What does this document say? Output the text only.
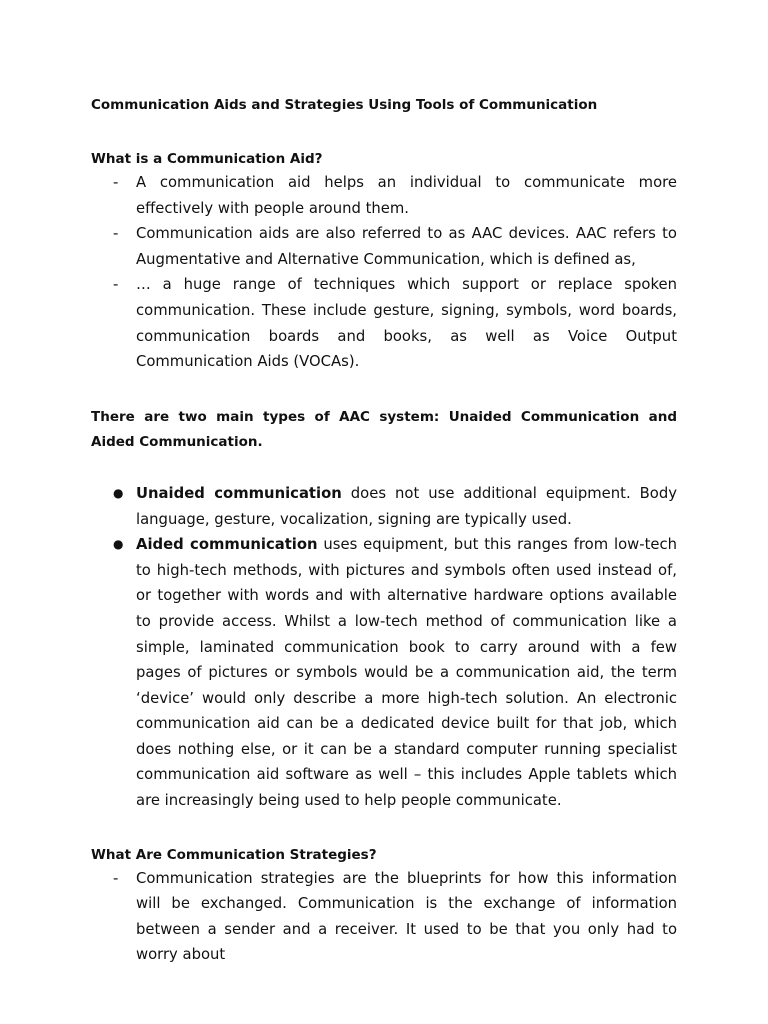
Communication Aids and Strategies Using Tools of Communication

What is a Communication Aid?

- A communication aid helps an individual to communicate more effectively with people around them.
- Communication aids are also referred to as AAC devices. AAC refers to Augmentative and Alternative Communication, which is defined as,
- … a huge range of techniques which support or replace spoken communication. These include gesture, signing, symbols, word boards, communication boards and books, as well as Voice Output Communication Aids (VOCAs).

There are two main types of AAC system: Unaided Communication and Aided Communication.

● Unaided communication does not use additional equipment. Body language, gesture, vocalization, signing are typically used.
● Aided communication uses equipment, but this ranges from low-tech to high-tech methods, with pictures and symbols often used instead of, or together with words and with alternative hardware options available to provide access. Whilst a low-tech method of communication like a simple, laminated communication book to carry around with a few pages of pictures or symbols would be a communication aid, the term ‘device’ would only describe a more high-tech solution. An electronic communication aid can be a dedicated device built for that job, which does nothing else, or it can be a standard computer running specialist communication aid software as well – this includes Apple tablets which are increasingly being used to help people communicate.

What Are Communication Strategies?

- Communication strategies are the blueprints for how this information will be exchanged. Communication is the exchange of information between a sender and a receiver. It used to be that you only had to worry about
